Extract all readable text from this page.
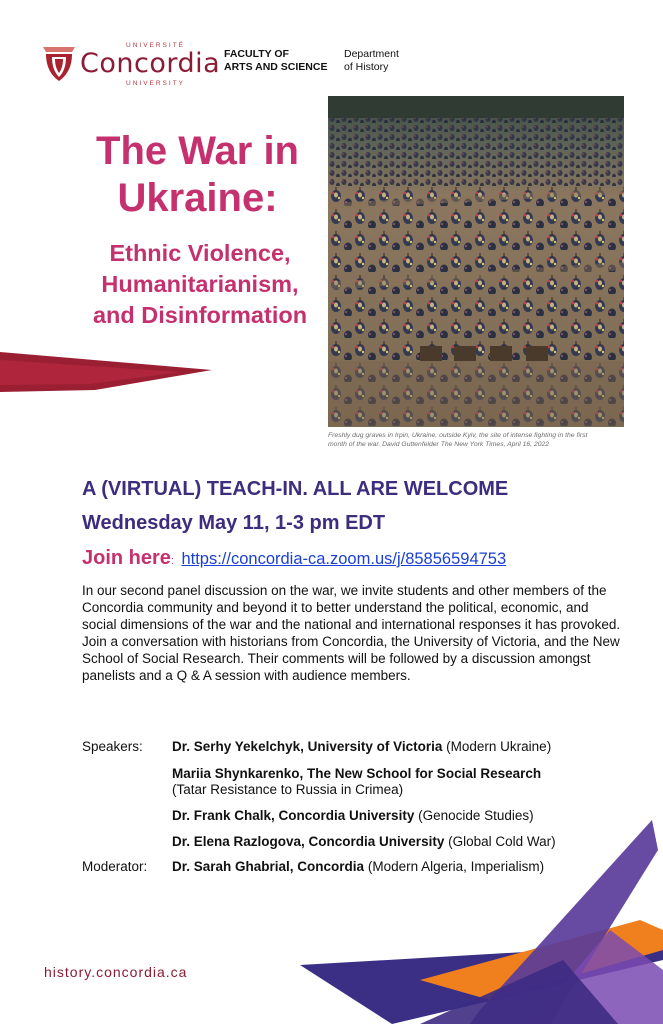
UNIVERSITÉ
Concordia
UNIVERSITY
FACULTY OF
ARTS AND SCIENCE
Department
of History
The War in
Ukraine:
Ethnic Violence,
Humanitarianism,
and Disinformation
Freshly dug graves in Irpin, Ukraine, outside Kyiv, the site of intense fighting in the first
month of the war. David Guttenfelder The New York Times, April 16, 2022
A (VIRTUAL) TEACH-IN. ALL ARE WELCOME
Wednesday May 11, 1-3 pm EDT
Join here: https://concordia-ca.zoom.us/j/85856594753
In our second panel discussion on the war, we invite students and other members of the Concordia community and beyond it to better understand the political, economic, and social dimensions of the war and the national and international responses it has provoked. Join a conversation with historians from Concordia, the University of Victoria, and the New School of Social Research. Their comments will be followed by a discussion amongst panelists and a Q & A session with audience members.
Speakers: Dr. Serhy Yekelchyk, University of Victoria (Modern Ukraine)
Mariia Shynkarenko, The New School for Social Research
(Tatar Resistance to Russia in Crimea)
Dr. Frank Chalk, Concordia University (Genocide Studies)
Dr. Elena Razlogova, Concordia University (Global Cold War)
Moderator: Dr. Sarah Ghabrial, Concordia (Modern Algeria, Imperialism)
history.concordia.ca
